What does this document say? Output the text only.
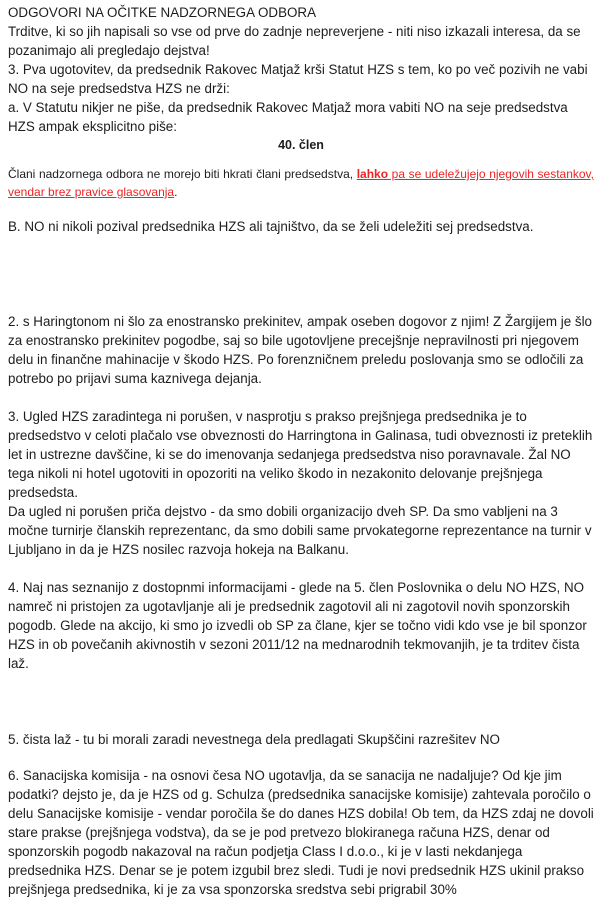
ODGOVORI NA OČITKE NADZORNEGA ODBORA

Trditve, ki so jih napisali so vse od prve do zadnje nepreverjene - niti niso izkazali interesa, da se pozanimajo ali pregledajo dejstva!

3. Pva ugotovitev, da predsednik Rakovec Matjaž krši Statut HZS s tem, ko po več pozivih ne vabi NO na seje predsedstva HZS ne drži:

a. V Statutu nikjer ne piše, da predsednik Rakovec Matjaž mora vabiti NO na seje predsedstva HZS ampak eksplicitno piše:

40. člen

Člani nadzornega odbora ne morejo biti hkrati člani predsedstva, lahko pa se udeležujejo njegovih sestankov, vendar brez pravice glasovanja.

B. NO ni nikoli pozival predsednika HZS ali tajništvo, da se želi udeležiti sej predsedstva.

2. s Haringtonom ni šlo za enostransko prekinitev, ampak oseben dogovor z njim! Z Žargijem je šlo za enostransko prekinitev pogodbe, saj so bile ugotovljene precejšnje nepravilnosti pri njegovem delu in finančne mahinacije v škodo HZS. Po forenzničnem preledu poslovanja smo se odločili za potrebo po prijavi suma kaznivega dejanja.

3. Ugled HZS zaradintega ni porušen, v nasprotju s prakso prejšnjega predsednika je to predsedstvo v celoti plačalo vse obveznosti do Harringtona in Galinasa, tudi obveznosti iz preteklih let in ustrezne davščine, ki se do imenovanja sedanjega predsedstva niso poravnavale. Žal NO tega nikoli ni hotel ugotoviti in opozoriti na veliko škodo in nezakonito delovanje prejšnjega predsedsta.

Da ugled ni porušen priča dejstvo - da smo dobili organizacijo dveh SP. Da smo vabljeni na 3 močne turnirje članskih reprezentanc, da smo dobili same prvokategorne reprezentance na turnir v Ljubljano in da je HZS nosilec razvoja hokeja na Balkanu.

4. Naj nas seznanijo z dostopnmi informacijami - glede na 5. člen Poslovnika o delu NO HZS, NO namreč ni pristojen za ugotavljanje ali je predsednik zagotovil ali ni zagotovil novih sponzorskih pogodb. Glede na akcijo, ki smo jo izvedli ob SP za člane, kjer se točno vidi kdo vse je bil sponzor HZS in ob povečanih akivnostih v sezoni 2011/12 na mednarodnih tekmovanjih, je ta trditev čista laž.

5. čista laž - tu bi morali zaradi nevestnega dela predlagati Skupščini razrešitev NO

6. Sanacijska komisija - na osnovi česa NO ugotavlja, da se sanacija ne nadaljuje? Od kje jim podatki? dejsto je, da je HZS od g. Schulza (predsednika sanacijske komisije) zahtevala poročilo o delu Sanacijske komisije - vendar poročila še do danes HZS dobila! Ob tem, da HZS zdaj ne dovoli stare prakse (prejšnjega vodstva), da se je pod pretvezo blokiranega računa HZS, denar od sponzorskih pogodb nakazoval na račun podjetja Class I d.o.o., ki je v lasti nekdanjega predsednika HZS. Denar se je potem izgubil brez sledi. Tudi je novi predsednik HZS ukinil prakso prejšnjega predsednika, ki je za vsa sponzorska sredstva sebi prigrabil 30%
